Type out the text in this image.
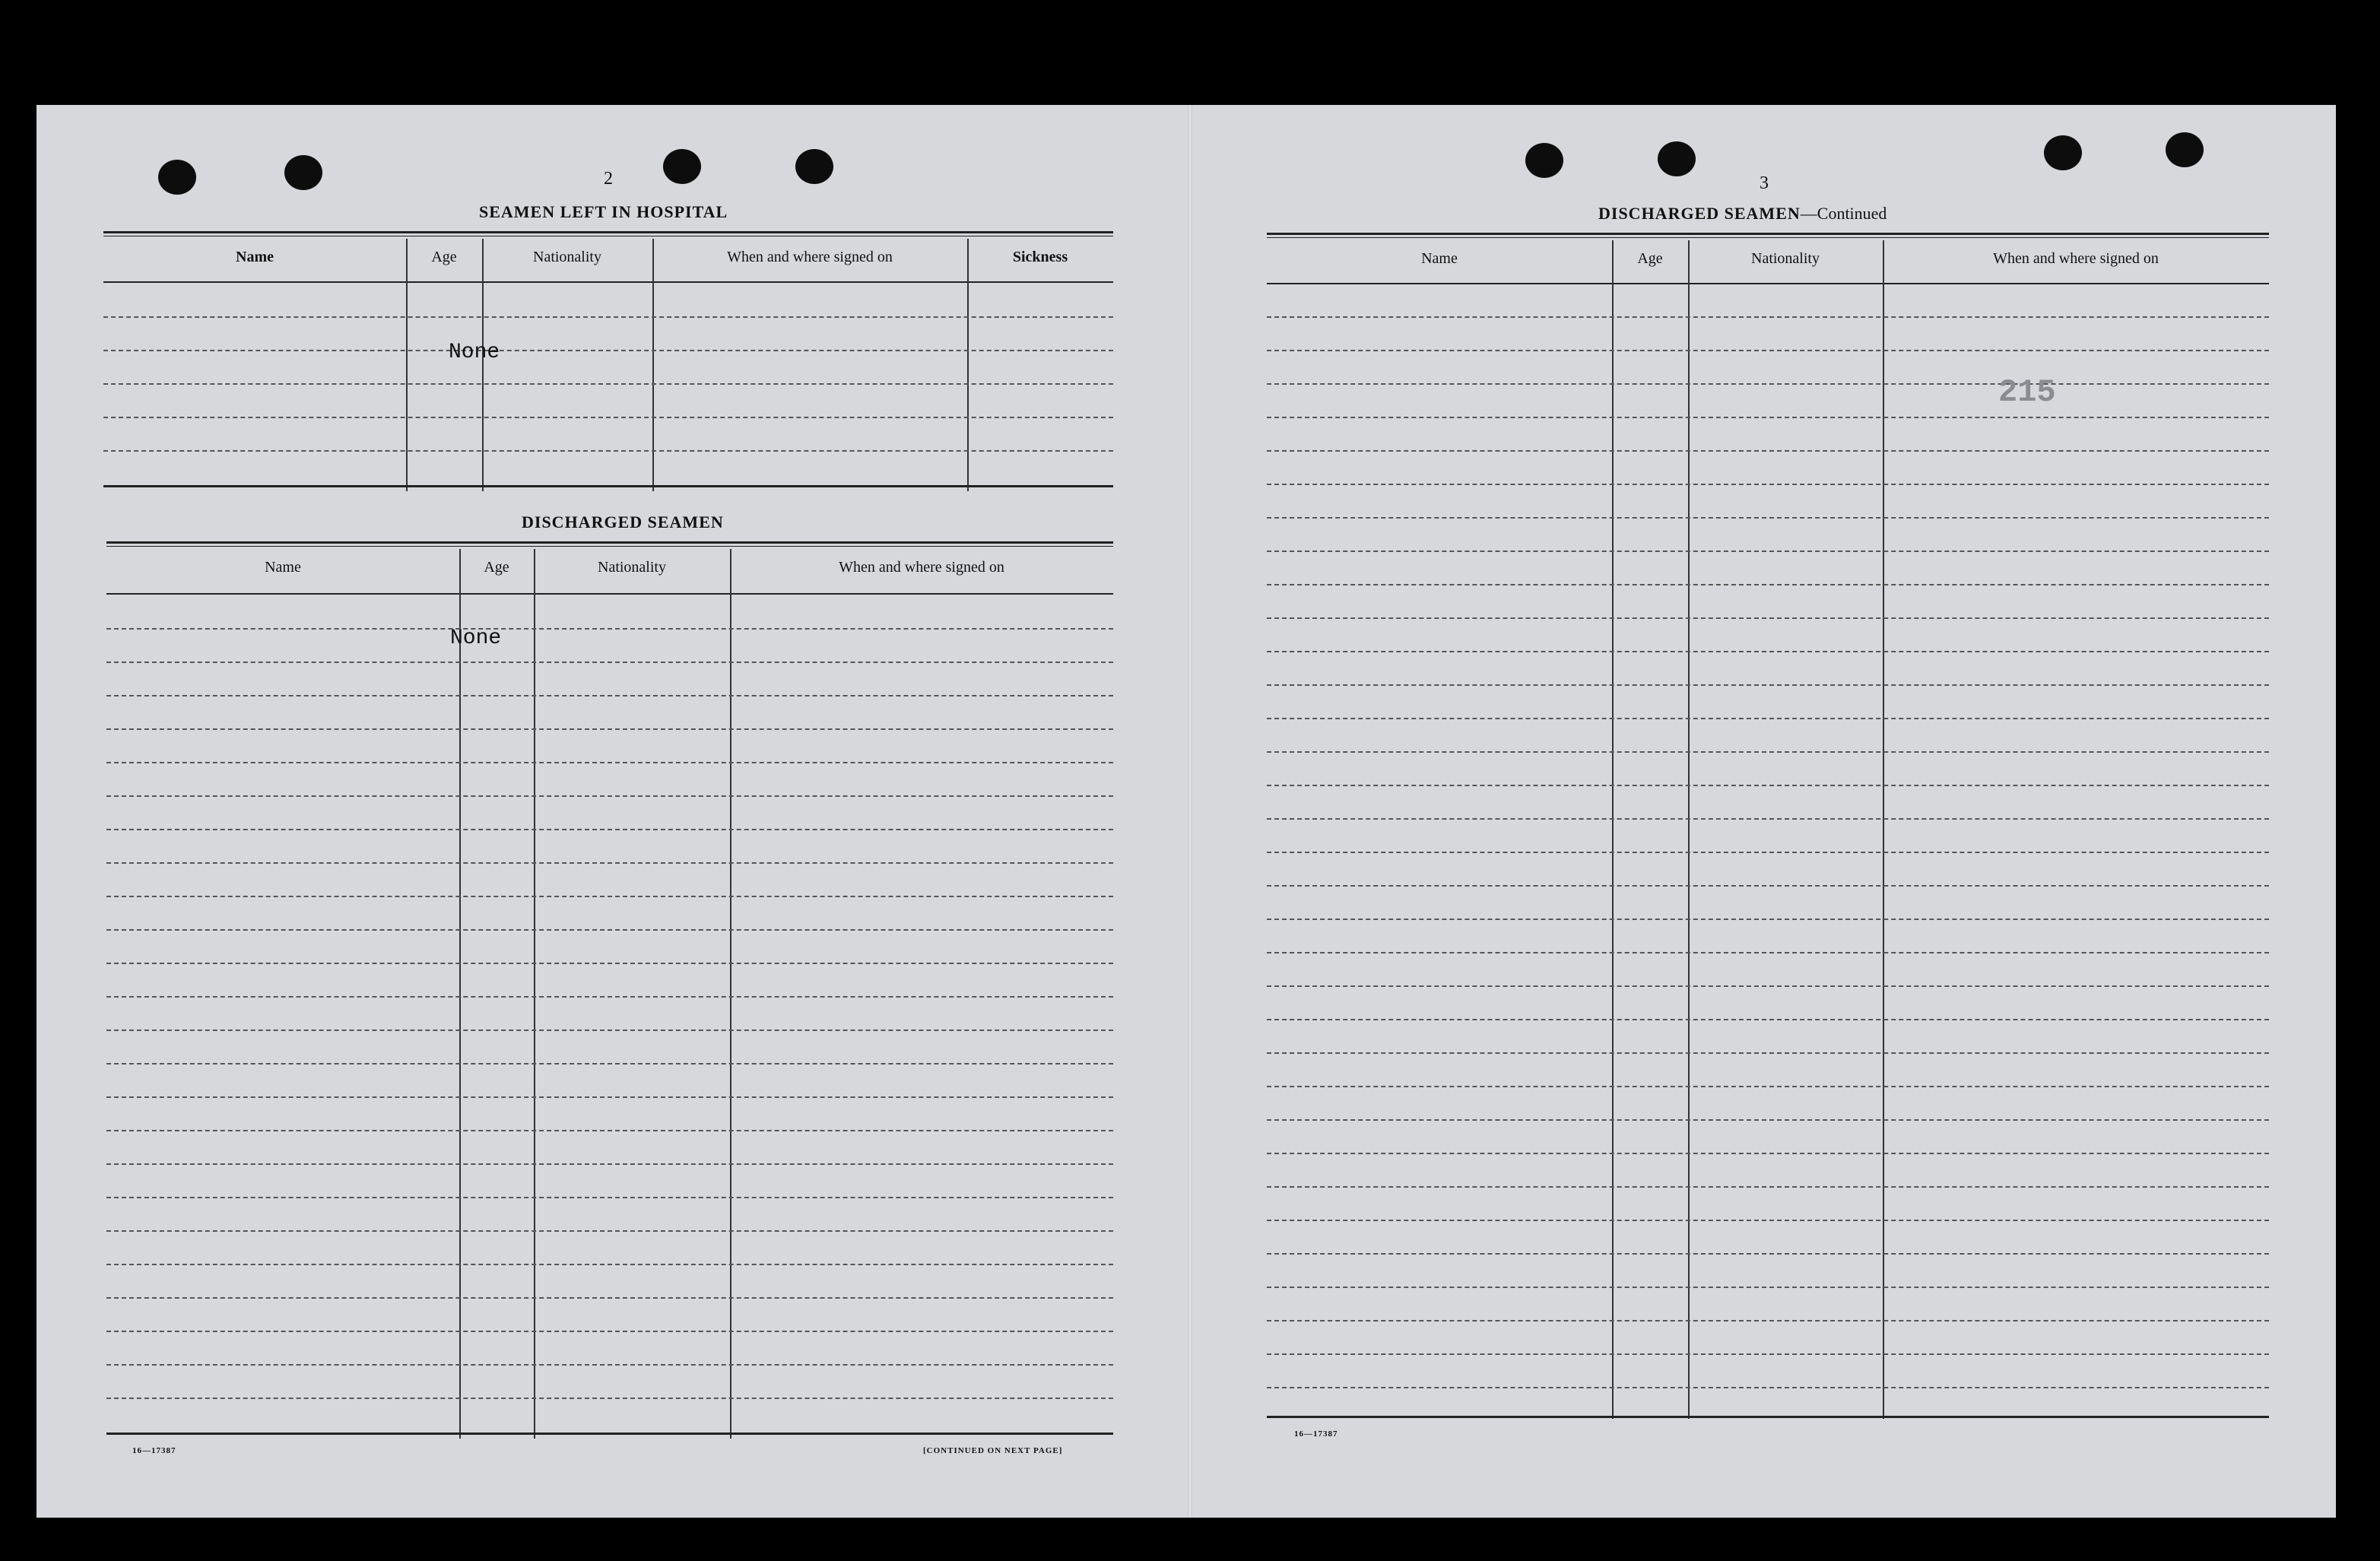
2
SEAMEN LEFT IN HOSPITAL
Name	Age	Nationality	When and where signed on	Sickness
None
DISCHARGED SEAMEN
Name	Age	Nationality	When and where signed on
None
16—17387	[CONTINUED ON NEXT PAGE]
3
DISCHARGED SEAMEN—Continued
Name	Age	Nationality	When and where signed on
215
16—17387
